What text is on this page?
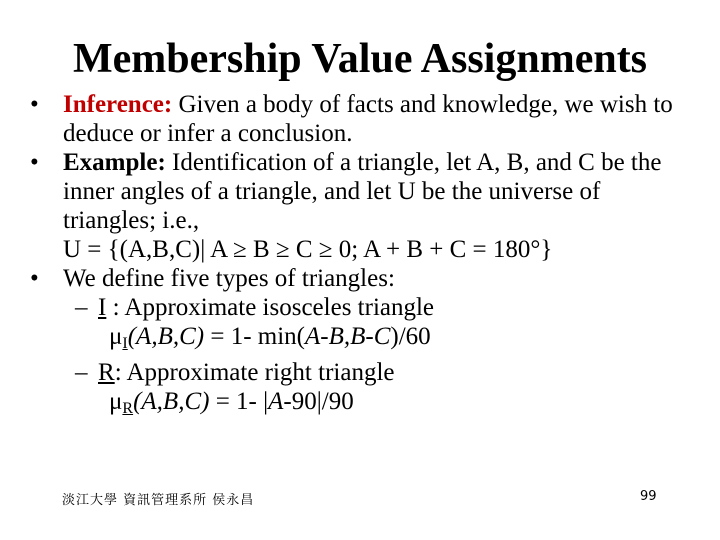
Membership Value Assignments
• Inference: Given a body of facts and knowledge, we wish to deduce or infer a conclusion.
• Example: Identification of a triangle, let A, B, and C be the inner angles of a triangle, and let U be the universe of triangles; i.e.,
U = {(A,B,C)| A ≥ B ≥ C ≥ 0; A + B + C = 180°}
• We define five types of triangles:
– I : Approximate isosceles triangle
$\mu_I(A,B,C) = 1-$ min(A-B,B-C)/60
– R: Approximate right triangle
$\mu_R(A,B,C) = 1-$ |A-90|/90
淡江大學 資訊管理系所 侯永昌	99
